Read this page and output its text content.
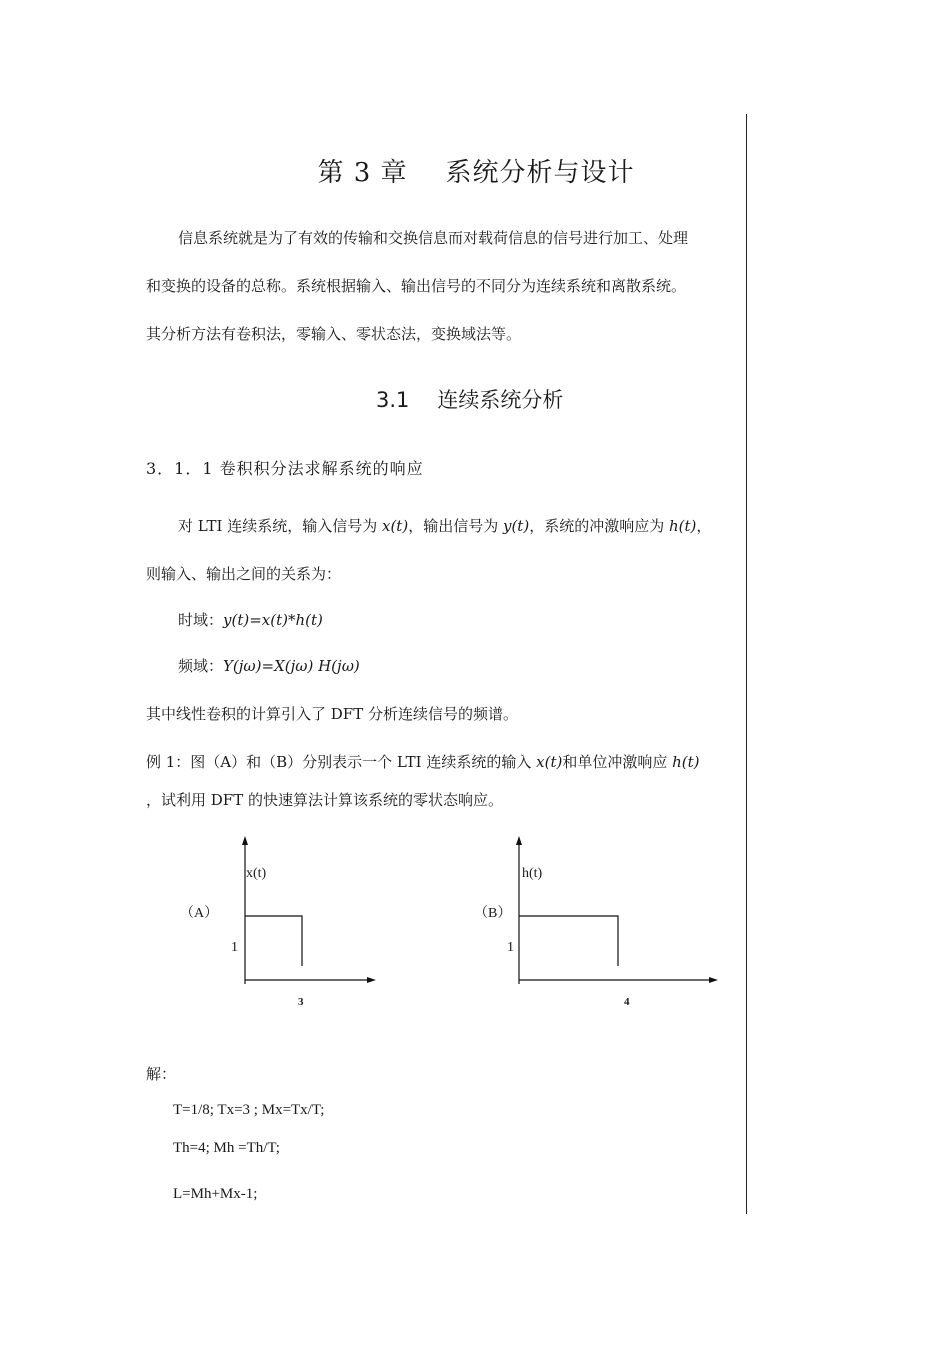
第 3 章 系统分析与设计
信息系统就是为了有效的传输和交换信息而对载荷信息的信号进行加工、处理
和变换的设备的总称。系统根据输入、输出信号的不同分为连续系统和离散系统。
其分析方法有卷积法，零输入、零状态法，变换域法等。
3.1 连续系统分析
3．1．1 卷积积分法求解系统的响应
对 LTI 连续系统，输入信号为 x(t)，输出信号为 y(t)，系统的冲激响应为 h(t)，
则输入、输出之间的关系为：
时域：y(t)=x(t)*h(t)
频域：Y(jω)=X(jω) H(jω)
其中线性卷积的计算引入了 DFT 分析连续信号的频谱。
例 1：图（A）和（B）分别表示一个 LTI 连续系统的输入 x(t)和单位冲激响应 h(t)
，试利用 DFT 的快速算法计算该系统的零状态响应。
x(t)
（A）
1
3
h(t)
（B）
1
4
解：
T=1/8; Tx=3 ; Mx=Tx/T;
Th=4; Mh =Th/T;
L=Mh+Mx-1;
